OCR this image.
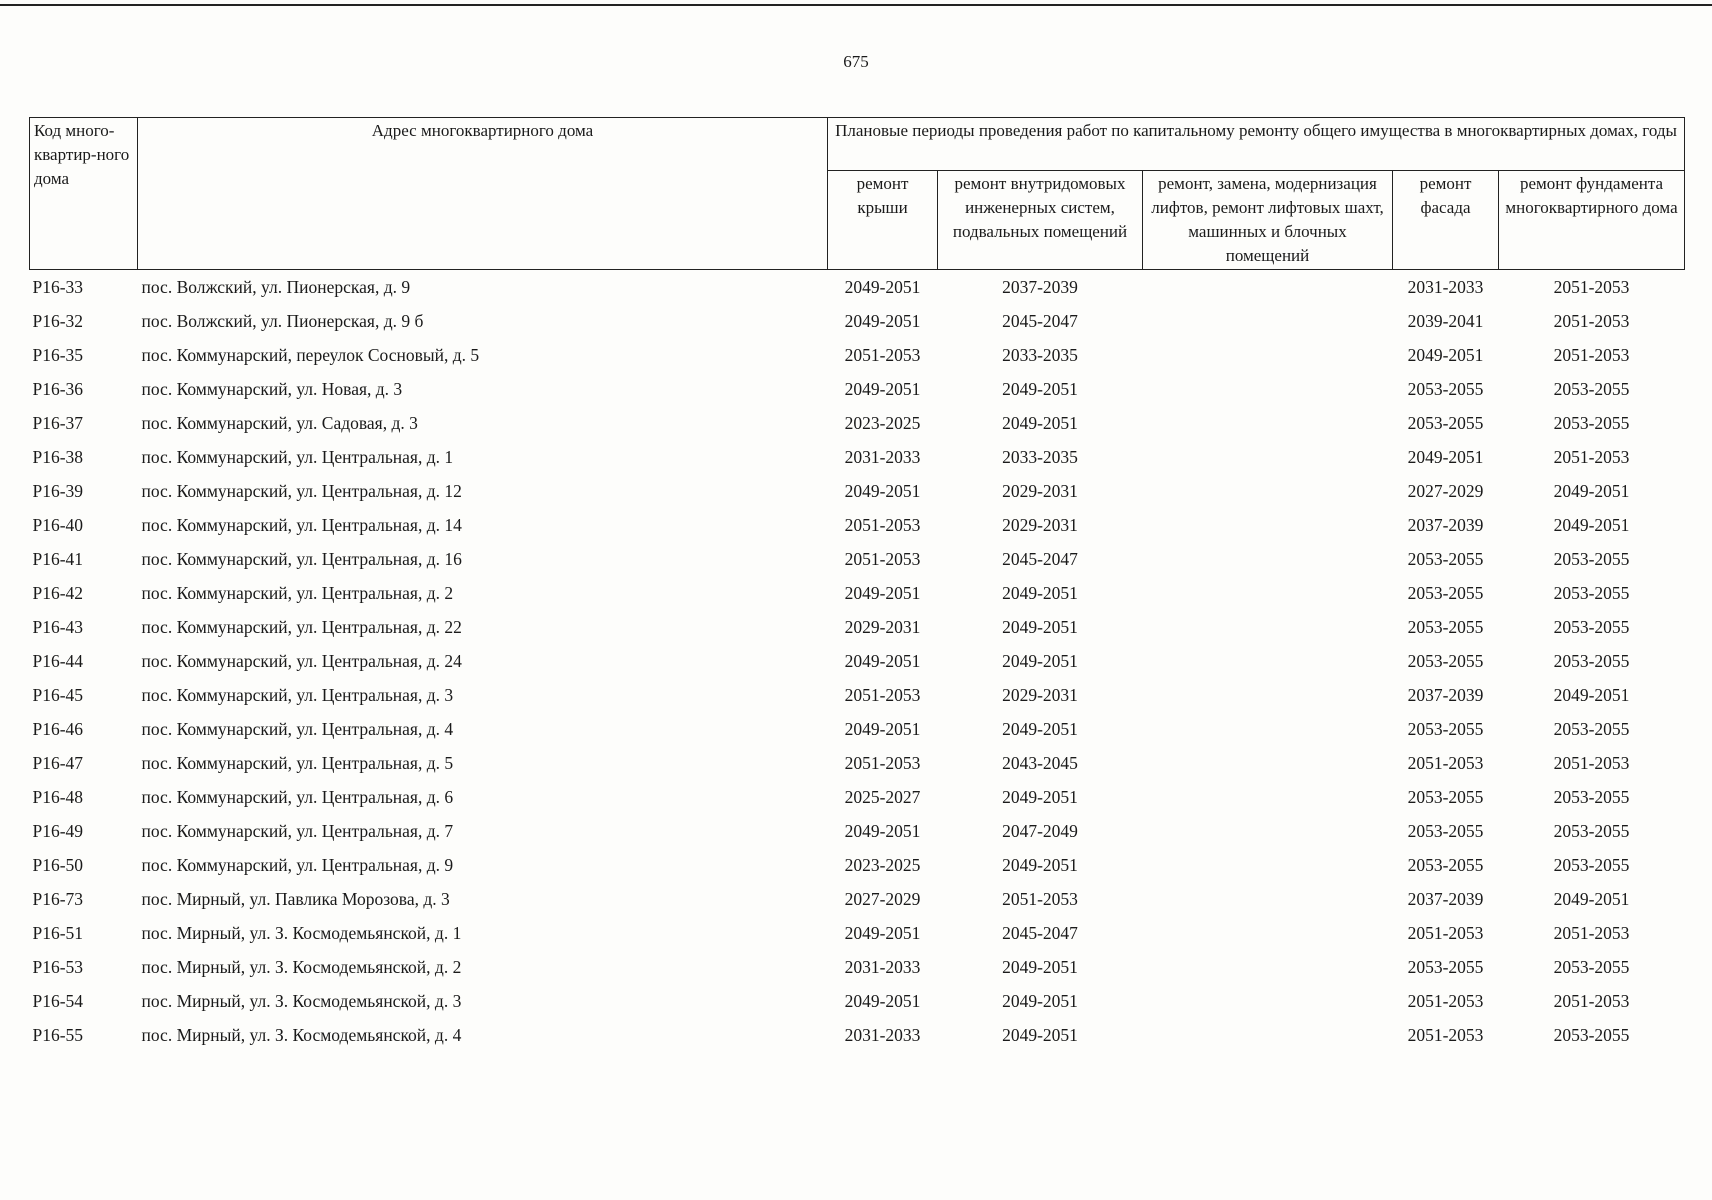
675
Код много-квартир-ного дома	Адрес многоквартирного дома	Плановые периоды проведения работ по капитальному ремонту общего имущества в многоквартирных домах, годы				
		ремонт крыши	ремонт внутридомовых инженерных систем, подвальных помещений	ремонт, замена, модернизация лифтов, ремонт лифтовых шахт, машинных и блочных помещений	ремонт фасада	ремонт фундамента многоквартирного дома
P16-33	пос. Волжский, ул. Пионерская, д. 9	2049-2051	2037-2039		2031-2033	2051-2053
P16-32	пос. Волжский, ул. Пионерская, д. 9 б	2049-2051	2045-2047		2039-2041	2051-2053
P16-35	пос. Коммунарский, переулок Сосновый, д. 5	2051-2053	2033-2035		2049-2051	2051-2053
P16-36	пос. Коммунарский, ул. Новая, д. 3	2049-2051	2049-2051		2053-2055	2053-2055
P16-37	пос. Коммунарский, ул. Садовая, д. 3	2023-2025	2049-2051		2053-2055	2053-2055
P16-38	пос. Коммунарский, ул. Центральная, д. 1	2031-2033	2033-2035		2049-2051	2051-2053
P16-39	пос. Коммунарский, ул. Центральная, д. 12	2049-2051	2029-2031		2027-2029	2049-2051
P16-40	пос. Коммунарский, ул. Центральная, д. 14	2051-2053	2029-2031		2037-2039	2049-2051
P16-41	пос. Коммунарский, ул. Центральная, д. 16	2051-2053	2045-2047		2053-2055	2053-2055
P16-42	пос. Коммунарский, ул. Центральная, д. 2	2049-2051	2049-2051		2053-2055	2053-2055
P16-43	пос. Коммунарский, ул. Центральная, д. 22	2029-2031	2049-2051		2053-2055	2053-2055
P16-44	пос. Коммунарский, ул. Центральная, д. 24	2049-2051	2049-2051		2053-2055	2053-2055
P16-45	пос. Коммунарский, ул. Центральная, д. 3	2051-2053	2029-2031		2037-2039	2049-2051
P16-46	пос. Коммунарский, ул. Центральная, д. 4	2049-2051	2049-2051		2053-2055	2053-2055
P16-47	пос. Коммунарский, ул. Центральная, д. 5	2051-2053	2043-2045		2051-2053	2051-2053
P16-48	пос. Коммунарский, ул. Центральная, д. 6	2025-2027	2049-2051		2053-2055	2053-2055
P16-49	пос. Коммунарский, ул. Центральная, д. 7	2049-2051	2047-2049		2053-2055	2053-2055
P16-50	пос. Коммунарский, ул. Центральная, д. 9	2023-2025	2049-2051		2053-2055	2053-2055
P16-73	пос. Мирный, ул. Павлика Морозова, д. 3	2027-2029	2051-2053		2037-2039	2049-2051
P16-51	пос. Мирный, ул. З. Космодемьянской, д. 1	2049-2051	2045-2047		2051-2053	2051-2053
P16-53	пос. Мирный, ул. З. Космодемьянской, д. 2	2031-2033	2049-2051		2053-2055	2053-2055
P16-54	пос. Мирный, ул. З. Космодемьянской, д. 3	2049-2051	2049-2051		2051-2053	2051-2053
P16-55	пос. Мирный, ул. З. Космодемьянской, д. 4	2031-2033	2049-2051		2051-2053	2053-2055
